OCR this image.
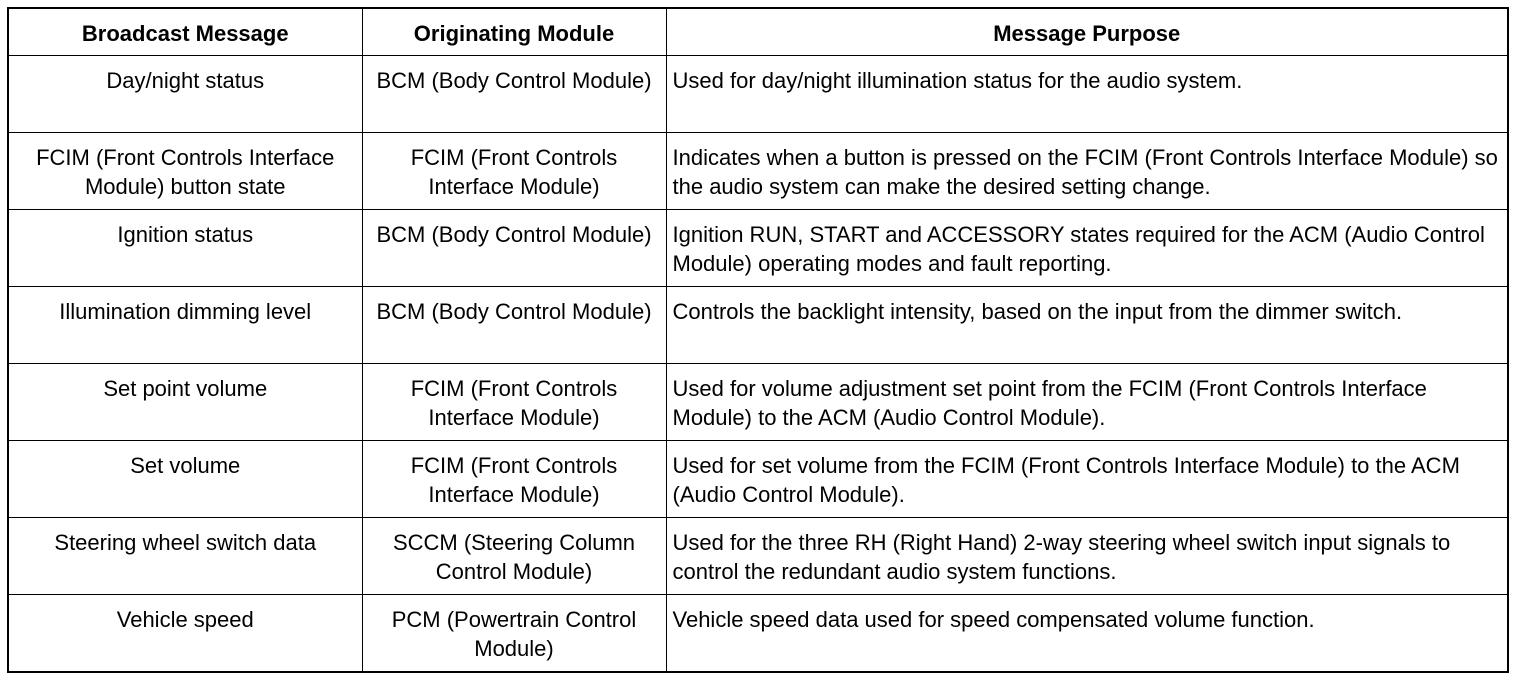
Broadcast Message	Originating Module	Message Purpose
Day/night status	BCM (Body Control Module)	Used for day/night illumination status for the audio system.
FCIM (Front Controls Interface Module) button state	FCIM (Front Controls Interface Module)	Indicates when a button is pressed on the FCIM (Front Controls Interface Module) so the audio system can make the desired setting change.
Ignition status	BCM (Body Control Module)	Ignition RUN, START and ACCESSORY states required for the ACM (Audio Control Module) operating modes and fault reporting.
Illumination dimming level	BCM (Body Control Module)	Controls the backlight intensity, based on the input from the dimmer switch.
Set point volume	FCIM (Front Controls Interface Module)	Used for volume adjustment set point from the FCIM (Front Controls Interface Module) to the ACM (Audio Control Module).
Set volume	FCIM (Front Controls Interface Module)	Used for set volume from the FCIM (Front Controls Interface Module) to the ACM (Audio Control Module).
Steering wheel switch data	SCCM (Steering Column Control Module)	Used for the three RH (Right Hand) 2-way steering wheel switch input signals to control the redundant audio system functions.
Vehicle speed	PCM (Powertrain Control Module)	Vehicle speed data used for speed compensated volume function.
